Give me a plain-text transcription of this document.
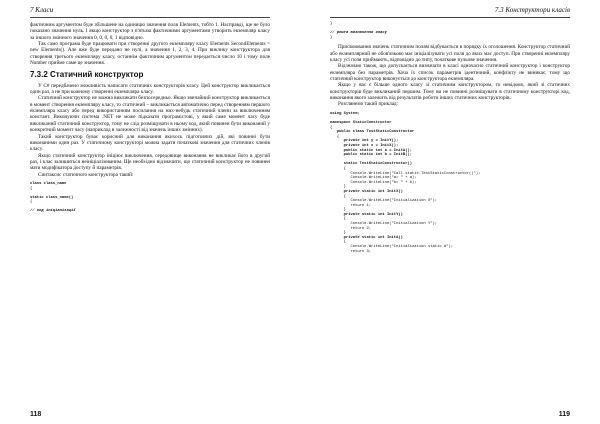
7 Класи

фактичним аргументом буде збільшене на одиницю значення поля Elements, тобто 1. Насправді, ще не було показано значення нуль. І якщо конструктор з п'ятьма фактичними аргументами утворить екземпляр класу за іншого змінного значення 0, 0, 0, 0, 1 відповідно.

Так само програма буде працювати при створенні другого екземпляру класу Elements SecondElements = new Elements(). Але вже буде передано не нулі, а значення 1, 2, 3, 4. При виклику конструктора для створення третього екземпляру класу, останнім фактичним аргументом передається число 10 і тому поле Number прийме саме це значення.

7.3.2 Статичний конструктор

У C# передбачено можливість написати статичних конструкторів класу. Цей конструктор викликається один раз, а не при кожному створенні екземпляра класу.

Статичний конструктор не можна викликати безпосередньо. Якщо звичайний конструктор викликається в момент створення екземпляру класу, то статичний – викликається автоматично перед створенням першого екземпляра класу або перед використанням посилання на них-небудь статичний члени за виключенням констант. Виконуючи система .NET не може підказати програмістові, у який саме момент часу буде викликаний статичний конструктор, тому не слід розміщувати в ньому код, який повинен бути виконаний у конкретний момент часу (наприклад в залежності від значень інших змінних).

Такий конструктор буває корисний для виконання якихось підготовчих дій, які повинні бути виконаними один раз. У статичному конструкторі можна задати початкові значення для статичних членів класу.

Якщо статичний конструктор ініціює виключення, середовище виконання не викликає його в другий раз, і клас залишиться неініціалізованим. Ще необхідно відзначити, що статичний конструктор не повинен мати модифікатора доступу й параметрів.

Синтаксис статичного конструктора такий:

class class_name
{

static class_name()
{

// код ініціалізації
118
7.3 Конструктори класів
}

// решта визначення класу
}

Присвоювання значень статичним полям відбувається в порядку їх оголошення. Конструктор статичний або екземплярний не обов'язково має ініціалізувати усі поля до яких має доступ. При створенні екземпляру класу усі поля приймають, відповідно до типу, початкове нульове значення.

Відзначаю також, що допускається визначати в класі одночасно статичний конструктор і конструктор екземпляра без параметрів. Хоча їх список параметрів ідентичний, конфлікту не виникає, тому що статичний конструктор виконується до конструктора екземпляра.

Якщо у вас є більше одного класу зі статичним конструктором, то невідомо, який зі статичних конструкторів буде викликаний першим. Тому ви не повинні розміщувати в статичному конструкторі код, виконання якого залежить від результатів роботи інших статичних конструкторів.

Розглянемо такий приклад:

using System;

namespace StaticConstructor
{
public class TestStaticConstructor
{
private int y = InitY();
private int x = InitX();
public static int a = InitA();
public static int b = InitB();

static TestStaticConstructor()
{
Console.WriteLine("Call static TestStaticConstructor()");
Console.WriteLine("a= " + a);
Console.WriteLine("b= " + b);
}
private static int InitX()
{
Console.WriteLine("Initialization X");
return 1;
}
private static int InitY()
{
Console.WriteLine("Initialization Y");
return 2;
}
private static int InitA()
{
Console.WriteLine("Initialization static A");
return 3;
119
